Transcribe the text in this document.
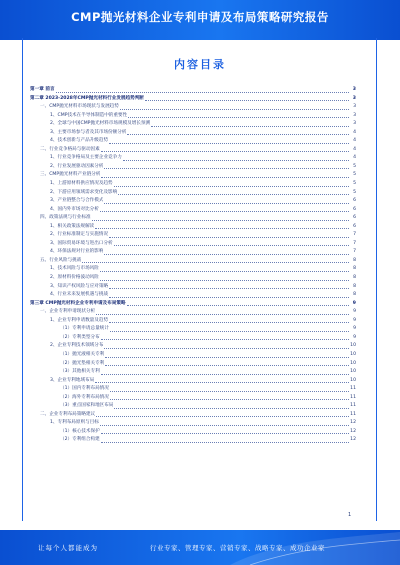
CMP抛光材料企业专利申请及布局策略研究报告
内容目录
第一章 前言	3
第二章 2023-2028年CMP抛光材料行业发展趋势判断	3
一、CMP抛光材料市场现状与发展趋势	3
1、CMP技术在半导体制造中的重要性	3
2、全球与中国CMP抛光材料市场规模及增长预测	3
3、主要市场参与者及其市场份额分析	4
4、技术创新与产品升级趋势	4
二、行业竞争格局与驱动因素	4
1、行业竞争格局及主要企业竞争力	4
2、行业发展驱动因素分析	5
三、CMP抛光材料产业链分析	5
1、上游原材料供应情况及趋势	5
2、下游应用领域需求变化及影响	5
3、产业链整合与合作模式	6
4、国内外市场对比分析	6
四、政策法规与行业标准	6
1、相关政策法规解读	6
2、行业标准制定与实施情况	7
3、国际贸易环境与进出口分析	7
4、环保法规对行业的影响	7
五、行业风险与挑战	8
1、技术风险与市场风险	8
2、原材料价格波动风险	8
3、知识产权风险与应对策略	8
4、行业未来发展机遇与挑战	8
第三章 CMP抛光材料企业专利申请及布局策略	9
一、企业专利申请现状分析	9
1、企业专利申请数量及趋势	9
（1）专利申请总量统计	9
（2）专利类型分布	9
2、企业专利技术领域分布	10
（1）抛光液相关专利	10
（2）抛光垫相关专利	10
（3）其他相关专利	10
3、企业专利地域布局	10
（1）国内专利布局情况	11
（2）海外专利布局情况	11
（3）重点国家和地区布局	11
二、企业专利布局策略建议	11
1、专利布局原则与目标	12
（1）核心技术保护	12
（2）专利组合构建	12
1
让每个人都能成为	行业专家、管理专家、营销专家、战略专家、成功企业家
